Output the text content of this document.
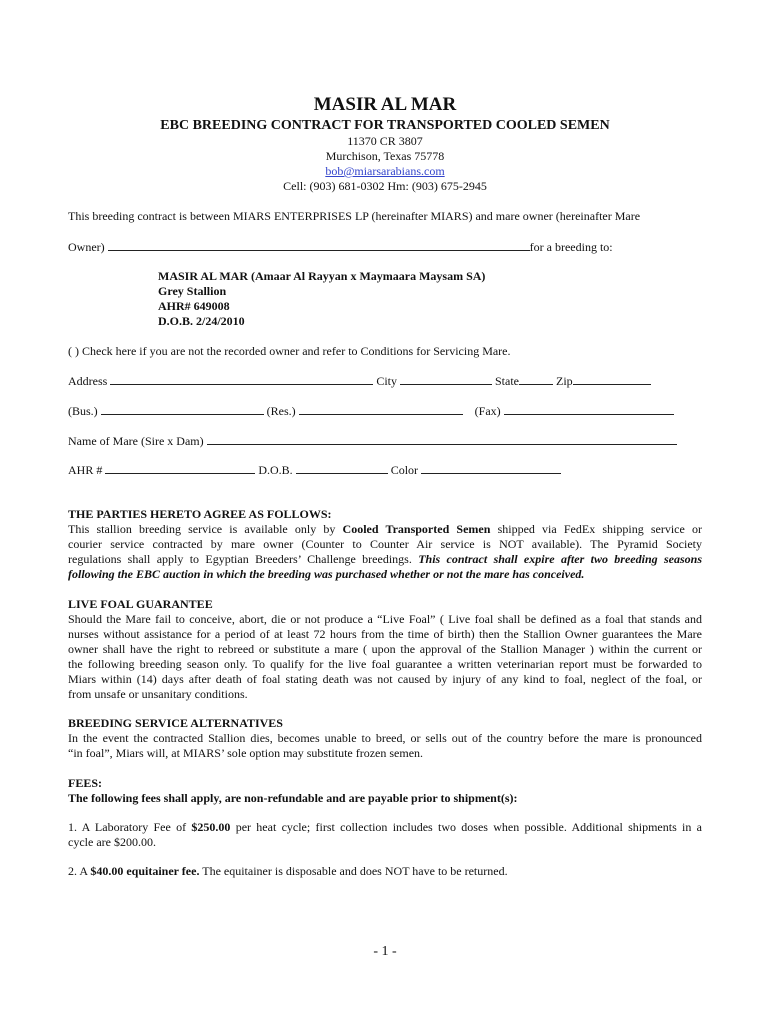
MASIR AL MAR
EBC BREEDING CONTRACT FOR TRANSPORTED COOLED SEMEN
11370 CR 3807
Murchison, Texas 75778
bob@miarsarabians.com
Cell: (903) 681-0302 Hm: (903) 675-2945
This breeding contract is between MIARS ENTERPRISES LP (hereinafter MIARS) and mare owner (hereinafter Mare
Owner)	for a breeding to:
MASIR AL MAR (Amaar Al Rayyan x Maymaara Maysam SA)
Grey Stallion
AHR# 649008
D.O.B. 2/24/2010
( ) Check here if you are not the recorded owner and refer to Conditions for Servicing Mare.
Address	City	State	Zip
(Bus.)	(Res.)	(Fax)
Name of Mare (Sire x Dam)
AHR #	D.O.B.	Color
THE PARTIES HERETO AGREE AS FOLLOWS:
This stallion breeding service is available only by Cooled Transported Semen shipped via FedEx shipping service or
courier service contracted by mare owner (Counter to Counter Air service is NOT available). The Pyramid Society
regulations shall apply to Egyptian Breeders’ Challenge breedings. This contract shall expire after two breeding seasons
following the EBC auction in which the breeding was purchased whether or not the mare has conceived.
LIVE FOAL GUARANTEE
Should the Mare fail to conceive, abort, die or not produce a “Live Foal” ( Live foal shall be defined as a foal that stands and
nurses without assistance for a period of at least 72 hours from the time of birth) then the Stallion Owner guarantees the Mare
owner shall have the right to rebreed or substitute a mare ( upon the approval of the Stallion Manager ) within the current or
the following breeding season only. To qualify for the live foal guarantee a written veterinarian report must be forwarded to
Miars within (14) days after death of foal stating death was not caused by injury of any kind to foal, neglect of the foal, or
from unsafe or unsanitary conditions.
BREEDING SERVICE ALTERNATIVES
In the event the contracted Stallion dies, becomes unable to breed, or sells out of the country before the mare is pronounced
“in foal”, Miars will, at MIARS’ sole option may substitute frozen semen.
FEES:
The following fees shall apply, are non-refundable and are payable prior to shipment(s):
1. A Laboratory Fee of $250.00 per heat cycle; first collection includes two doses when possible. Additional shipments in a
cycle are $200.00.
2. A $40.00 equitainer fee. The equitainer is disposable and does NOT have to be returned.
- 1 -
